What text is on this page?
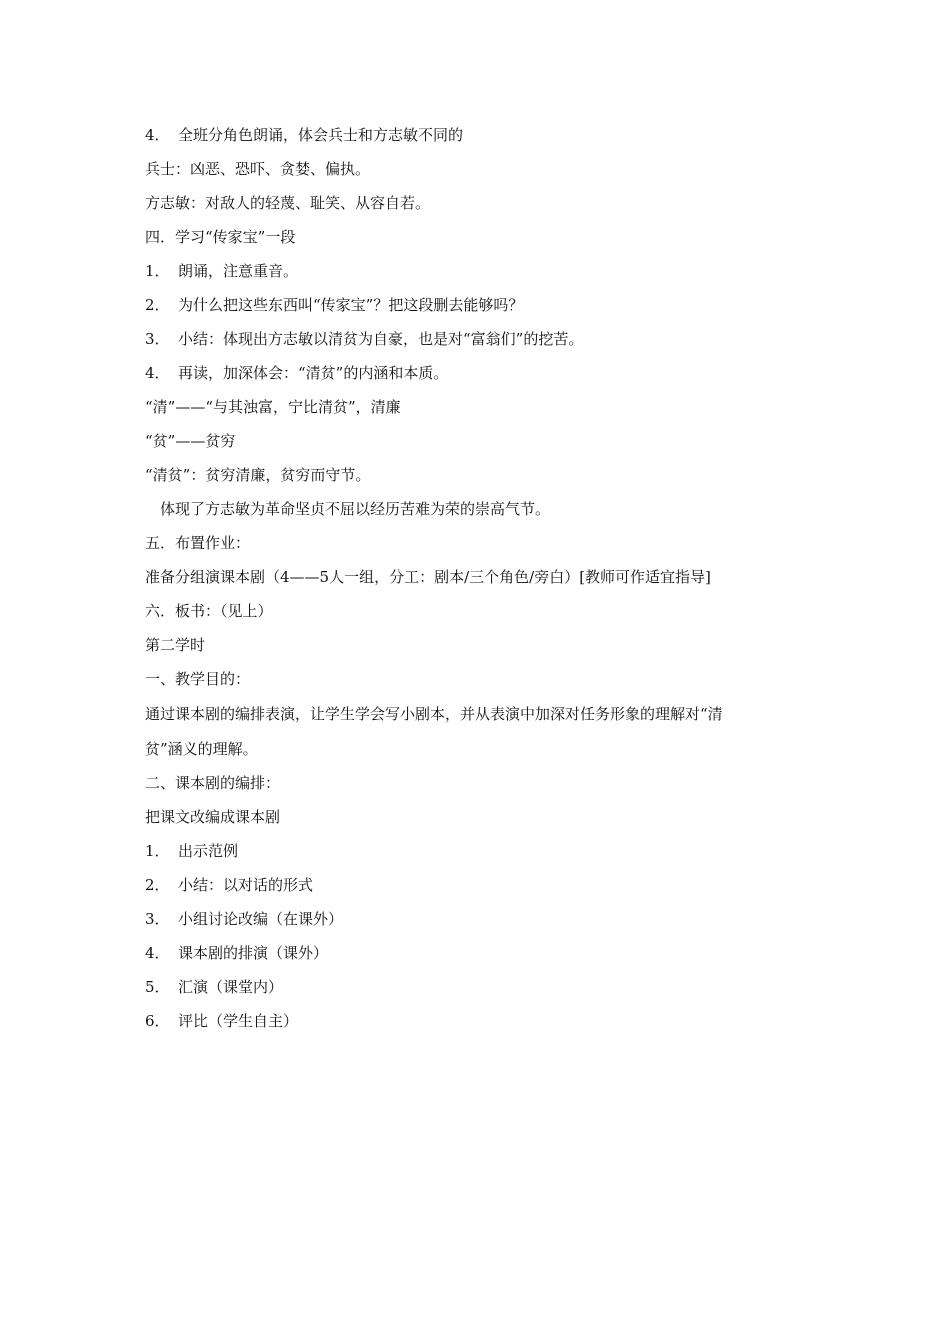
4． 全班分角色朗诵，体会兵士和方志敏不同的
兵士：凶恶、恐吓、贪婪、偏执。
方志敏：对敌人的轻蔑、耻笑、从容自若。
四．学习“传家宝”一段
1． 朗诵，注意重音。
2． 为什么把这些东西叫“传家宝”？把这段删去能够吗？
3． 小结：体现出方志敏以清贫为自豪，也是对“富翁们”的挖苦。
4． 再读，加深体会：“清贫”的内涵和本质。
“清”——“与其浊富，宁比清贫”，清廉
“贫”——贫穷
“清贫”：贫穷清廉，贫穷而守节。
体现了方志敏为革命坚贞不屈以经历苦难为荣的崇高气节。
五．布置作业：
准备分组演课本剧（4——5人一组，分工：剧本/三个角色/旁白）[教师可作适宜指导]
六．板书：（见上）
第二学时
一、教学目的：
通过课本剧的编排表演，让学生学会写小剧本，并从表演中加深对任务形象的理解对“清
贫”涵义的理解。
二、课本剧的编排：
把课文改编成课本剧
1． 出示范例
2． 小结：以对话的形式
3． 小组讨论改编（在课外）
4． 课本剧的排演（课外）
5． 汇演（课堂内）
6． 评比（学生自主）
